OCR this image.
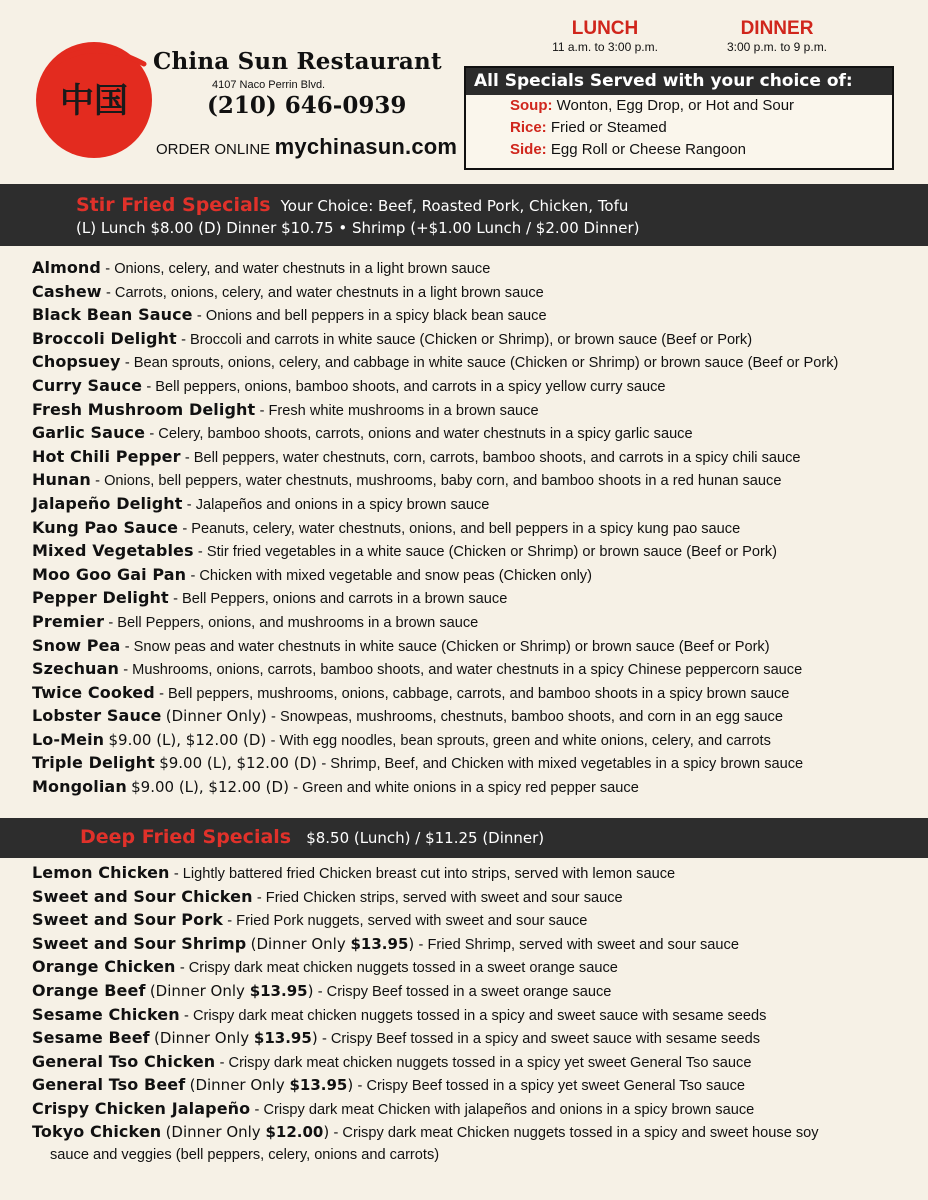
中国
China Sun Restaurant
4107 Naco Perrin Blvd.
(210) 646-0939
ORDER ONLINE mychinasun.com
LUNCH
11 a.m. to 3:00 p.m.
DINNER
3:00 p.m. to 9 p.m.
All Specials Served with your choice of:
Soup: Wonton, Egg Drop, or Hot and Sour
Rice: Fried or Steamed
Side: Egg Roll or Cheese Rangoon
Stir Fried Specials Your Choice: Beef, Roasted Pork, Chicken, Tofu
(L) Lunch $8.00 (D) Dinner $10.75 • Shrimp (+$1.00 Lunch / $2.00 Dinner)
Almond - Onions, celery, and water chestnuts in a light brown sauce
Cashew - Carrots, onions, celery, and water chestnuts in a light brown sauce
Black Bean Sauce - Onions and bell peppers in a spicy black bean sauce
Broccoli Delight - Broccoli and carrots in white sauce (Chicken or Shrimp), or brown sauce (Beef or Pork)
Chopsuey - Bean sprouts, onions, celery, and cabbage in white sauce (Chicken or Shrimp) or brown sauce (Beef or Pork)
Curry Sauce - Bell peppers, onions, bamboo shoots, and carrots in a spicy yellow curry sauce
Fresh Mushroom Delight - Fresh white mushrooms in a brown sauce
Garlic Sauce - Celery, bamboo shoots, carrots, onions and water chestnuts in a spicy garlic sauce
Hot Chili Pepper - Bell peppers, water chestnuts, corn, carrots, bamboo shoots, and carrots in a spicy chili sauce
Hunan - Onions, bell peppers, water chestnuts, mushrooms, baby corn, and bamboo shoots in a red hunan sauce
Jalapeño Delight - Jalapeños and onions in a spicy brown sauce
Kung Pao Sauce - Peanuts, celery, water chestnuts, onions, and bell peppers in a spicy kung pao sauce
Mixed Vegetables - Stir fried vegetables in a white sauce (Chicken or Shrimp) or brown sauce (Beef or Pork)
Moo Goo Gai Pan - Chicken with mixed vegetable and snow peas (Chicken only)
Pepper Delight - Bell Peppers, onions and carrots in a brown sauce
Premier - Bell Peppers, onions, and mushrooms in a brown sauce
Snow Pea - Snow peas and water chestnuts in white sauce (Chicken or Shrimp) or brown sauce (Beef or Pork)
Szechuan - Mushrooms, onions, carrots, bamboo shoots, and water chestnuts in a spicy Chinese peppercorn sauce
Twice Cooked - Bell peppers, mushrooms, onions, cabbage, carrots, and bamboo shoots in a spicy brown sauce
Lobster Sauce (Dinner Only) - Snowpeas, mushrooms, chestnuts, bamboo shoots, and corn in an egg sauce
Lo-Mein $9.00 (L), $12.00 (D) - With egg noodles, bean sprouts, green and white onions, celery, and carrots
Triple Delight $9.00 (L), $12.00 (D) - Shrimp, Beef, and Chicken with mixed vegetables in a spicy brown sauce
Mongolian $9.00 (L), $12.00 (D) - Green and white onions in a spicy red pepper sauce
Deep Fried Specials $8.50 (Lunch) / $11.25 (Dinner)
Lemon Chicken - Lightly battered fried Chicken breast cut into strips, served with lemon sauce
Sweet and Sour Chicken - Fried Chicken strips, served with sweet and sour sauce
Sweet and Sour Pork - Fried Pork nuggets, served with sweet and sour sauce
Sweet and Sour Shrimp (Dinner Only $13.95) - Fried Shrimp, served with sweet and sour sauce
Orange Chicken - Crispy dark meat chicken nuggets tossed in a sweet orange sauce
Orange Beef (Dinner Only $13.95) - Crispy Beef tossed in a sweet orange sauce
Sesame Chicken - Crispy dark meat chicken nuggets tossed in a spicy and sweet sauce with sesame seeds
Sesame Beef (Dinner Only $13.95) - Crispy Beef tossed in a spicy and sweet sauce with sesame seeds
General Tso Chicken - Crispy dark meat chicken nuggets tossed in a spicy yet sweet General Tso sauce
General Tso Beef (Dinner Only $13.95) - Crispy Beef tossed in a spicy yet sweet General Tso sauce
Crispy Chicken Jalapeño - Crispy dark meat Chicken with jalapeños and onions in a spicy brown sauce
Tokyo Chicken (Dinner Only $12.00) - Crispy dark meat Chicken nuggets tossed in a spicy and sweet house soy
sauce and veggies (bell peppers, celery, onions and carrots)
